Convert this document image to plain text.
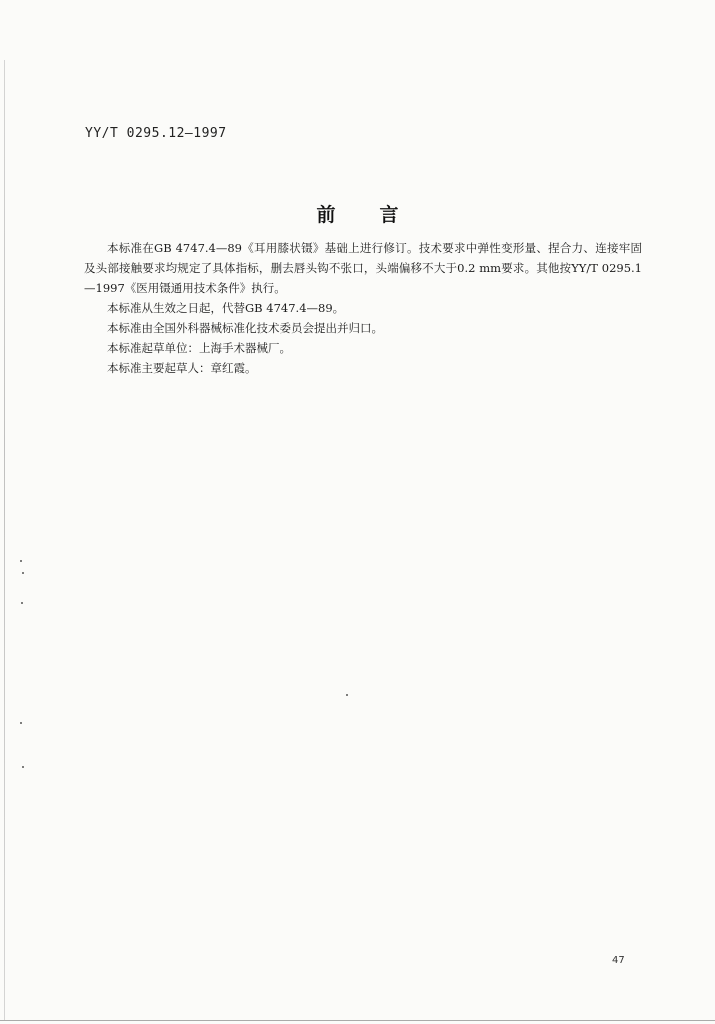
YY/T 0295.12—1997
前言

本标准在GB 4747.4—89《耳用膝状镊》基础上进行修订。技术要求中弹性变形量、捏合力、连接牢固及头部接触要求均规定了具体指标，删去唇头钩不张口，头端偏移不大于0.2 mm要求。其他按YY/T 0295.1—1997《医用镊通用技术条件》执行。

本标准从生效之日起，代替GB 4747.4—89。

本标准由全国外科器械标准化技术委员会提出并归口。

本标准起草单位：上海手术器械厂。

本标准主要起草人：章红霞。

47
